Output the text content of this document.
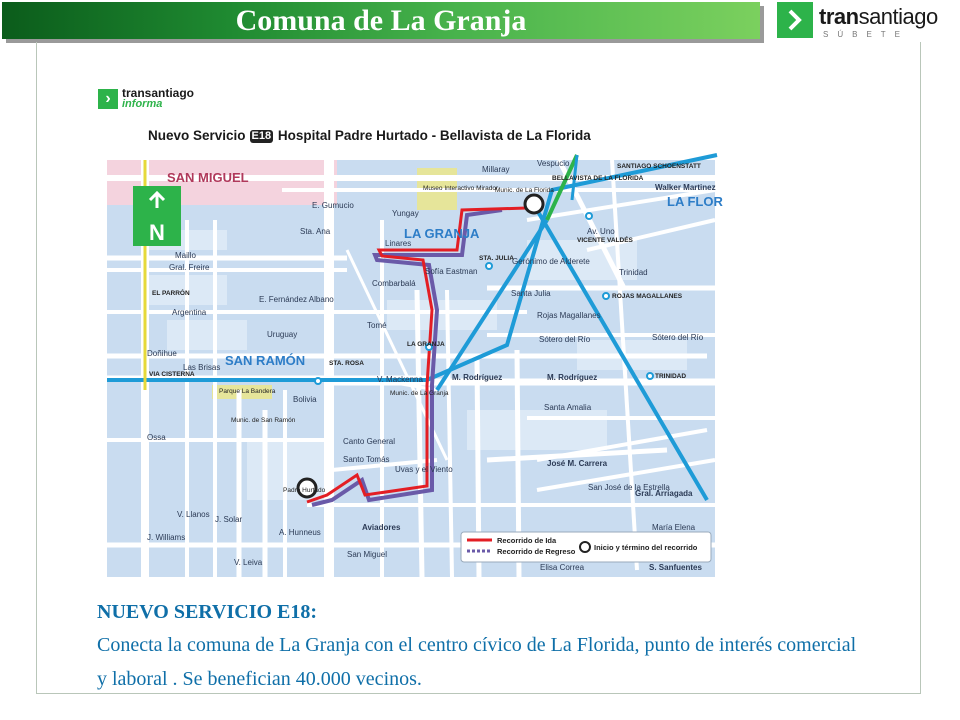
Comuna de La Granja	transantiago
SÚBETE
› transantiago
informa
Nuevo Servicio E18 Hospital Padre Hurtado - Bellavista de La Florida
N
SAN MIGUEL
LA GRANJA
SAN RAMÓN
LA FLOR
Millaray
Vespucio
Walker Martinez
E. Gumucio
Yungay
Sta. Ana
Linares
Maillo
Gral. Freire
E. Fernández Albano
Argentina
Uruguay
Doñihue
Las Brisas
Bolivia
Ossa
V. Mackenna	M. Rodríguez	M. Rodríguez
Trinidad
Santa Julia
Rojas Magallanes
Sótero del Río	Sótero del Río
Santa Amalia
José M. Carrera
San José de la Estrella
Gral. Arriagada
María Elena
S. Sanfuentes
Elisa Correa
San Miguel
A. Hunneus
V. Leiva
V. Llanos
J. Solar
J. Williams
Aviadores
Santo Tomás
Canto General
Uvas y el Viento
Sofía Eastman
Combarbalá
Tomé
Av. Uno
Gerónimo de Alderete
Museo Interactivo Mirador
Munic. de La Florida
Munic. de La Granja
Munic. de San Ramón
Parque La Bandera
Padre Hurtado
BELLAVISTA DE LA FLORIDA
VICENTE VALDÉS
ROJAS MAGALLANES
TRINIDAD
SANTIAGO SCHOENSTATT
STA. ROSA
STA. JULIA
LA GRANJA
VIA CISTERNA
EL PARRÓN
Recorrido de Ida
Recorrido de Regreso Inicio y término del recorrido
NUEVO SERVICIO E18:
Conecta la comuna de La Granja con el centro cívico de La Florida, punto de interés comercial y laboral . Se benefician 40.000 vecinos.
